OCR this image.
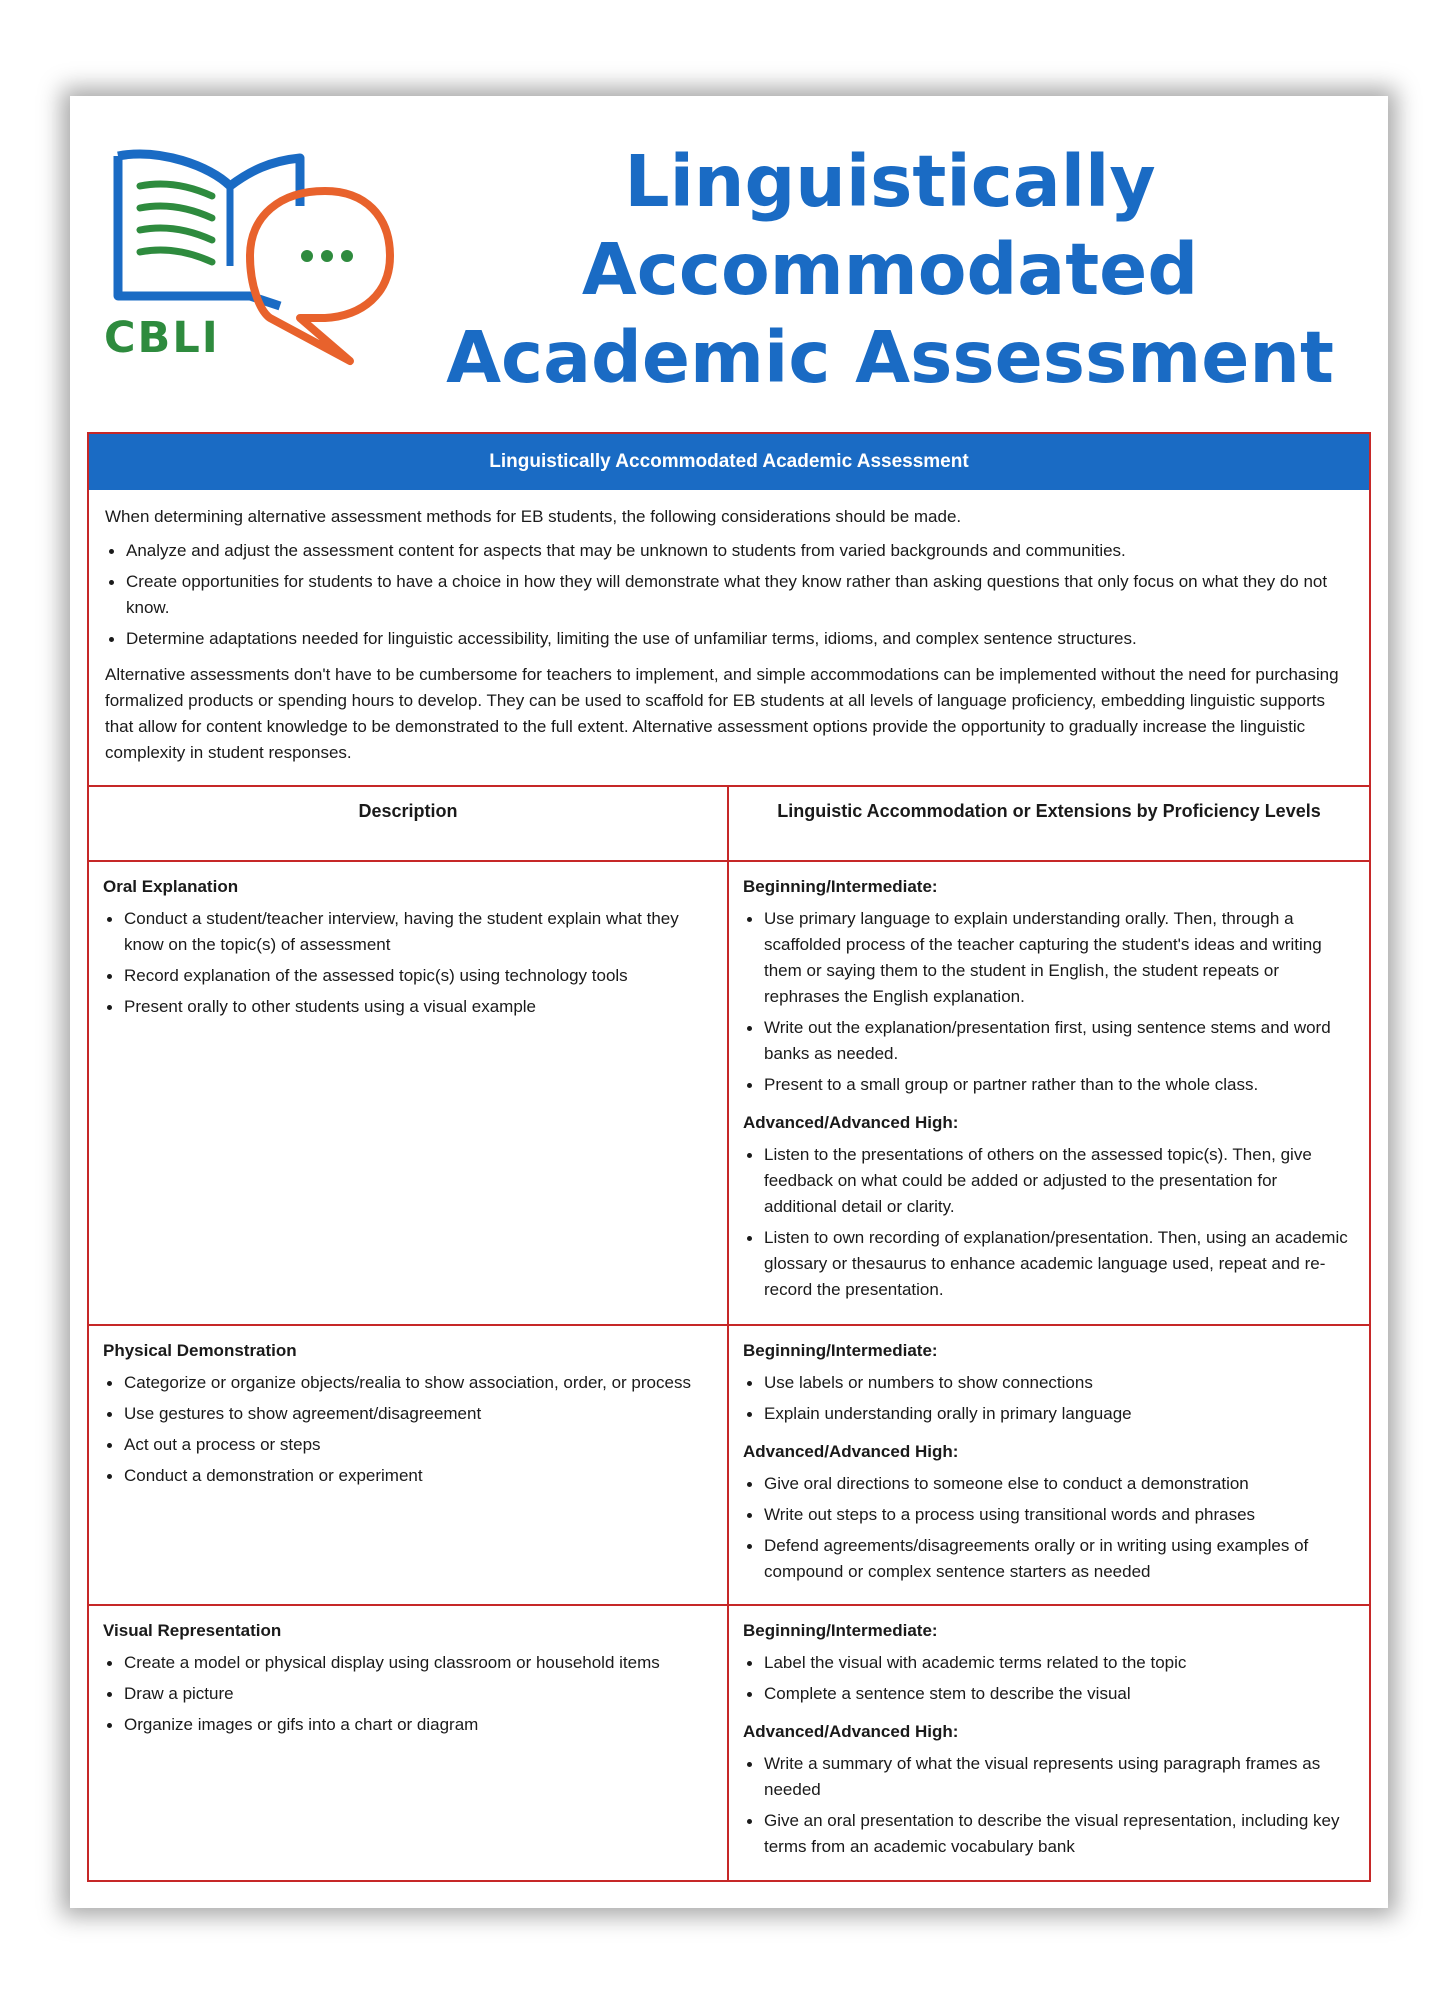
CBLI
Linguistically
Accommodated
Academic Assessment
Linguistically Accommodated Academic Assessment

When determining alternative assessment methods for EB students, the following considerations should be made.

Analyze and adjust the assessment content for aspects that may be unknown to students from varied backgrounds and communities.
Create opportunities for students to have a choice in how they will demonstrate what they know rather than asking questions that only focus on what they do not know.
Determine adaptations needed for linguistic accessibility, limiting the use of unfamiliar terms, idioms, and complex sentence structures.

Alternative assessments don't have to be cumbersome for teachers to implement, and simple accommodations can be implemented without the need for purchasing formalized products or spending hours to develop. They can be used to scaffold for EB students at all levels of language proficiency, embedding linguistic supports that allow for content knowledge to be demonstrated to the full extent. Alternative assessment options provide the opportunity to gradually increase the linguistic complexity in student responses.

Description	Linguistic Accommodation or Extensions by Proficiency Levels
Oral Explanation
Conduct a student/teacher interview, having the student explain what they know on the topic(s) of assessment
Record explanation of the assessed topic(s) using technology tools
Present orally to other students using a visual example
Beginning/Intermediate:
Use primary language to explain understanding orally. Then, through a scaffolded process of the teacher capturing the student's ideas and writing them or saying them to the student in English, the student repeats or rephrases the English explanation.
Write out the explanation/presentation first, using sentence stems and word banks as needed.
Present to a small group or partner rather than to the whole class.
Advanced/Advanced High:
Listen to the presentations of others on the assessed topic(s). Then, give feedback on what could be added or adjusted to the presentation for additional detail or clarity.
Listen to own recording of explanation/presentation. Then, using an academic glossary or thesaurus to enhance academic language used, repeat and re-record the presentation.
Physical Demonstration
Categorize or organize objects/realia to show association, order, or process
Use gestures to show agreement/disagreement
Act out a process or steps
Conduct a demonstration or experiment
Beginning/Intermediate:
Use labels or numbers to show connections
Explain understanding orally in primary language
Advanced/Advanced High:
Give oral directions to someone else to conduct a demonstration
Write out steps to a process using transitional words and phrases
Defend agreements/disagreements orally or in writing using examples of compound or complex sentence starters as needed
Visual Representation
Create a model or physical display using classroom or household items
Draw a picture
Organize images or gifs into a chart or diagram
Beginning/Intermediate:
Label the visual with academic terms related to the topic
Complete a sentence stem to describe the visual
Advanced/Advanced High:
Write a summary of what the visual represents using paragraph frames as needed
Give an oral presentation to describe the visual representation, including key terms from an academic vocabulary bank
